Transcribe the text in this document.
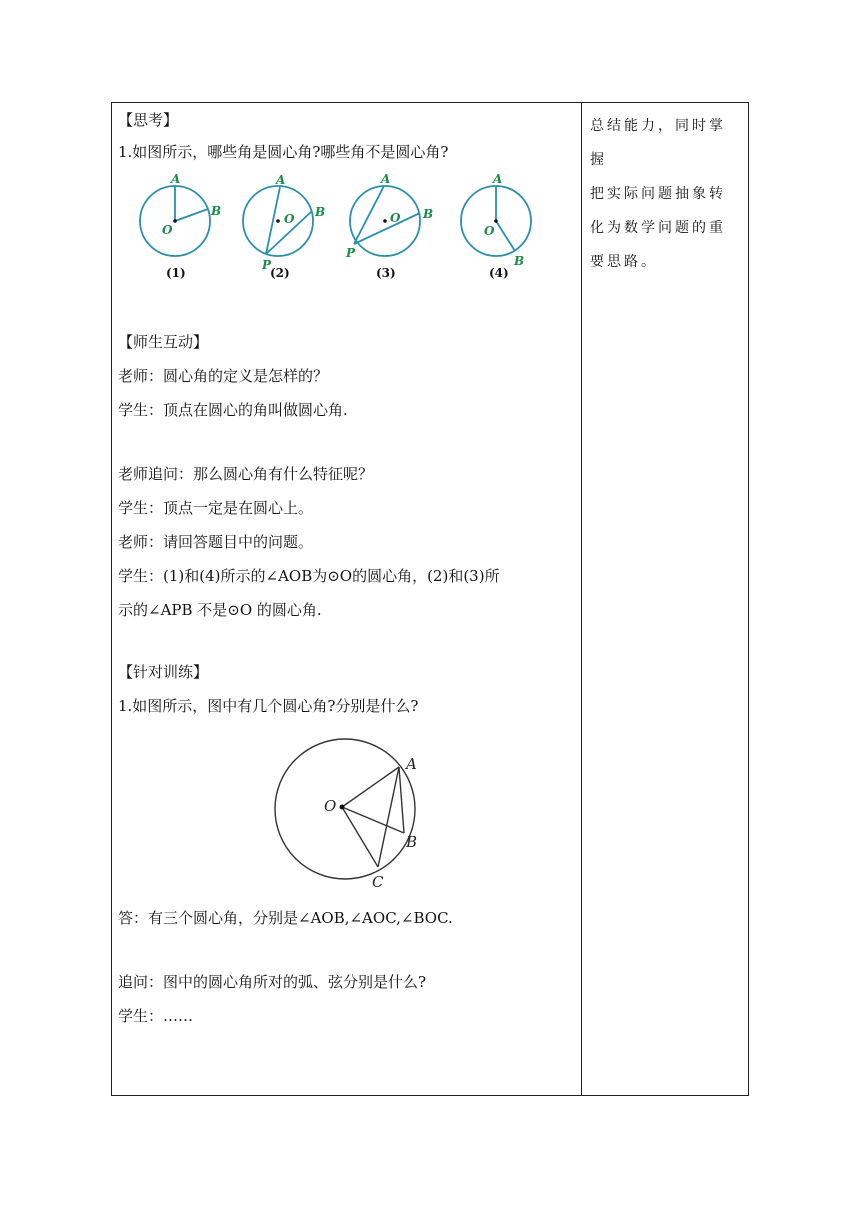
【思考】
1.如图所示，哪些角是圆心角?哪些角不是圆心角?
A
B
O
A
B
O
P
A
B
O
P
A
O
B
(1)	(2)	(3)	(4)
【师生互动】
老师：圆心角的定义是怎样的？
学生：顶点在圆心的角叫做圆心角.
老师追问：那么圆心角有什么特征呢？
学生：顶点一定是在圆心上。
老师：请回答题目中的问题。
学生：(1)和(4)所示的∠AOB为⊙O的圆心角，(2)和(3)所
示的∠APB 不是⊙O 的圆心角.
【针对训练】
1.如图所示，图中有几个圆心角?分别是什么?
O
A
B
C
答：有三个圆心角，分别是∠AOB,∠AOC,∠BOC.
追问：图中的圆心角所对的弧、弦分别是什么?
学生：……
总结能力，同时掌握
把实际问题抽象转
化为数学问题的重
要思路。
